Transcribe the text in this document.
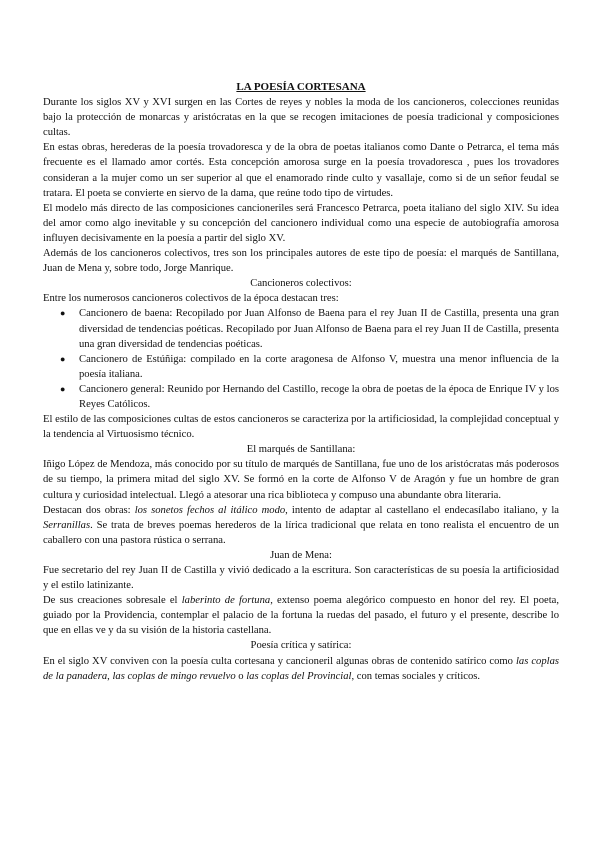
LA POESÍA CORTESANA

Durante los siglos XV y XVI surgen en las Cortes de reyes y nobles la moda de los cancioneros, colecciones reunidas bajo la protección de monarcas y aristócratas en la que se recogen imitaciones de poesía tradicional y composiciones cultas.

En estas obras, herederas de la poesía trovadoresca y de la obra de poetas italianos como Dante o Petrarca, el tema más frecuente es el llamado amor cortés. Esta concepción amorosa surge en la poesía trovadoresca , pues los trovadores consideran a la mujer como un ser superior al que el enamorado rinde culto y vasallaje, como si de un señor feudal se tratara. El poeta se convierte en siervo de la dama, que reúne todo tipo de virtudes.

El modelo más directo de las composiciones cancioneriles será Francesco Petrarca, poeta italiano del siglo XIV. Su idea del amor como algo inevitable y su concepción del cancionero individual como una especie de autobiografía amorosa influyen decisivamente en la poesía a partir del siglo XV.

Además de los cancioneros colectivos, tres son los principales autores de este tipo de poesía: el marqués de Santillana, Juan de Mena y, sobre todo, Jorge Manrique.

Cancioneros colectivos:

Entre los numerosos cancioneros colectivos de la época destacan tres:

● Cancionero de baena: Recopilado por Juan Alfonso de Baena para el rey Juan II de Castilla, presenta una gran diversidad de tendencias poéticas. Recopilado por Juan Alfonso de Baena para el rey Juan II de Castilla, presenta una gran diversidad de tendencias poéticas.
● Cancionero de Estúñiga: compilado en la corte aragonesa de Alfonso V, muestra una menor influencia de la poesía italiana.
● Cancionero general: Reunido por Hernando del Castillo, recoge la obra de poetas de la época de Enrique IV y los Reyes Católicos.

El estilo de las composiciones cultas de estos cancioneros se caracteriza por la artificiosidad, la complejidad conceptual y la tendencia al Virtuosismo técnico.

El marqués de Santillana:

Iñigo López de Mendoza, más conocido por su título de marqués de Santillana, fue uno de los aristócratas más poderosos de su tiempo, la primera mitad del siglo XV. Se formó en la corte de Alfonso V de Aragón y fue un hombre de gran cultura y curiosidad intelectual. Llegó a atesorar una rica biblioteca y compuso una abundante obra literaria.

Destacan dos obras: los sonetos fechos al itálico modo, intento de adaptar al castellano el endecasílabo italiano, y la Serranillas. Se trata de breves poemas herederos de la lírica tradicional que relata en tono realista el encuentro de un caballero con una pastora rústica o serrana.

Juan de Mena:

Fue secretario del rey Juan II de Castilla y vivió dedicado a la escritura. Son características de su poesía la artificiosidad y el estilo latinizante.

De sus creaciones sobresale el laberinto de fortuna, extenso poema alegórico compuesto en honor del rey. El poeta, guiado por la Providencia, contemplar el palacio de la fortuna la ruedas del pasado, el futuro y el presente, describe lo que en ellas ve y da su visión de la historia castellana.

Poesía crítica y satírica:

En el siglo XV conviven con la poesía culta cortesana y cancioneril algunas obras de contenido satírico como las coplas de la panadera, las coplas de mingo revuelvo o las coplas del Provincial, con temas sociales y críticos.
